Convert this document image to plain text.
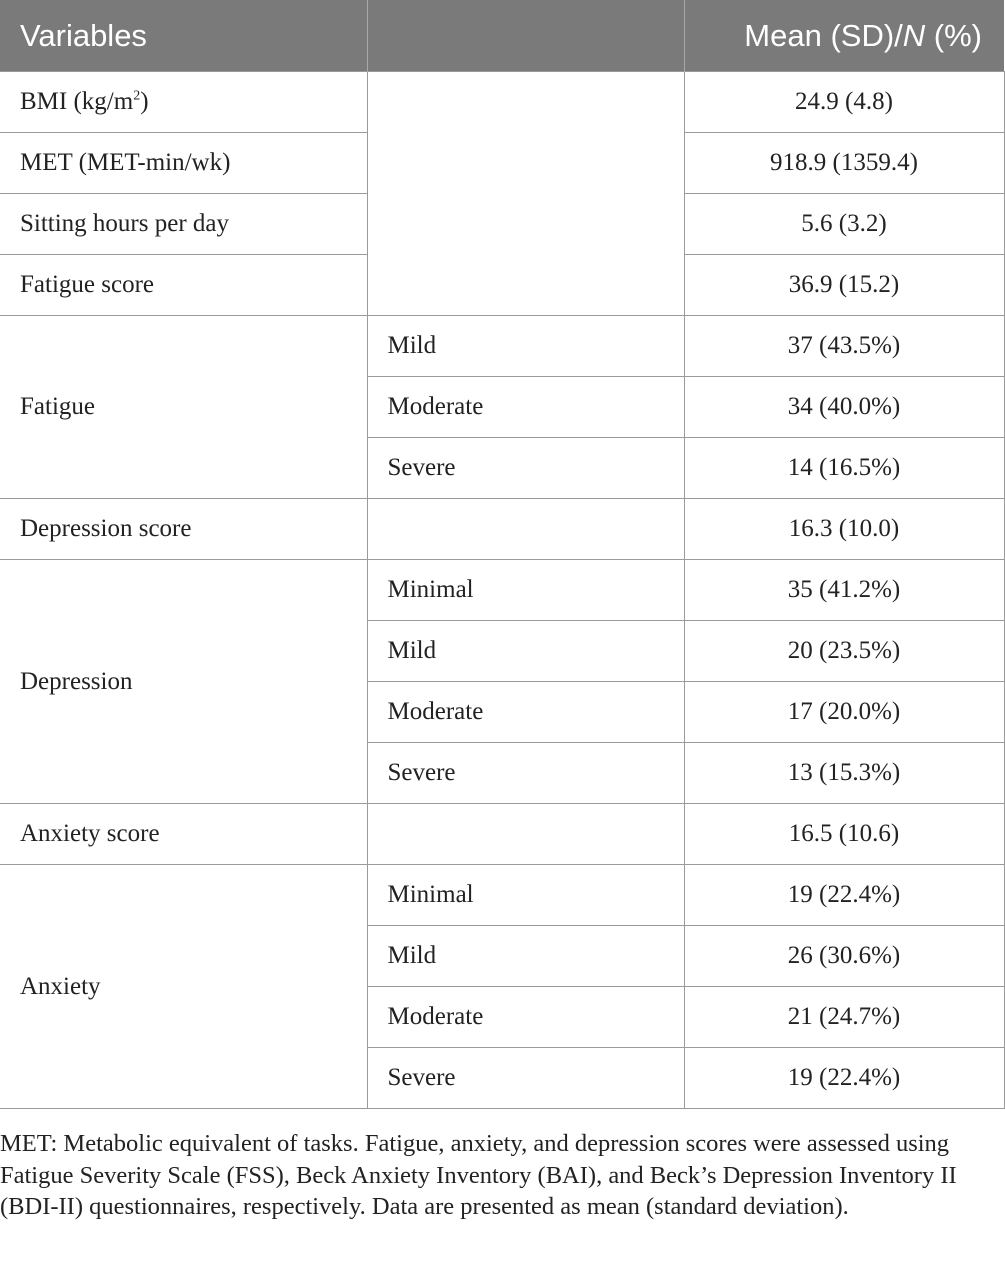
Variables		Mean (SD)/N (%)
BMI $(kg/m^2)$		24.9 (4.8)
MET (MET-min/wk)		918.9 (1359.4)
Sitting hours per day		5.6 (3.2)
Fatigue score		36.9 (15.2)
Fatigue	Mild	37 (43.5%)
	Moderate	34 (40.0%)
	Severe	14 (16.5%)
Depression score		16.3 (10.0)
Depression	Minimal	35 (41.2%)
	Mild	20 (23.5%)
	Moderate	17 (20.0%)
	Severe	13 (15.3%)
Anxiety score		16.5 (10.6)
Anxiety	Minimal	19 (22.4%)
	Mild	26 (30.6%)
	Moderate	21 (24.7%)
	Severe	19 (22.4%)
MET: Metabolic equivalent of tasks. Fatigue, anxiety, and depression scores were assessed using Fatigue Severity Scale (FSS), Beck Anxiety Inventory (BAI), and Beck’s Depression Inventory II (BDI-II) questionnaires, respectively. Data are presented as mean (standard deviation).
